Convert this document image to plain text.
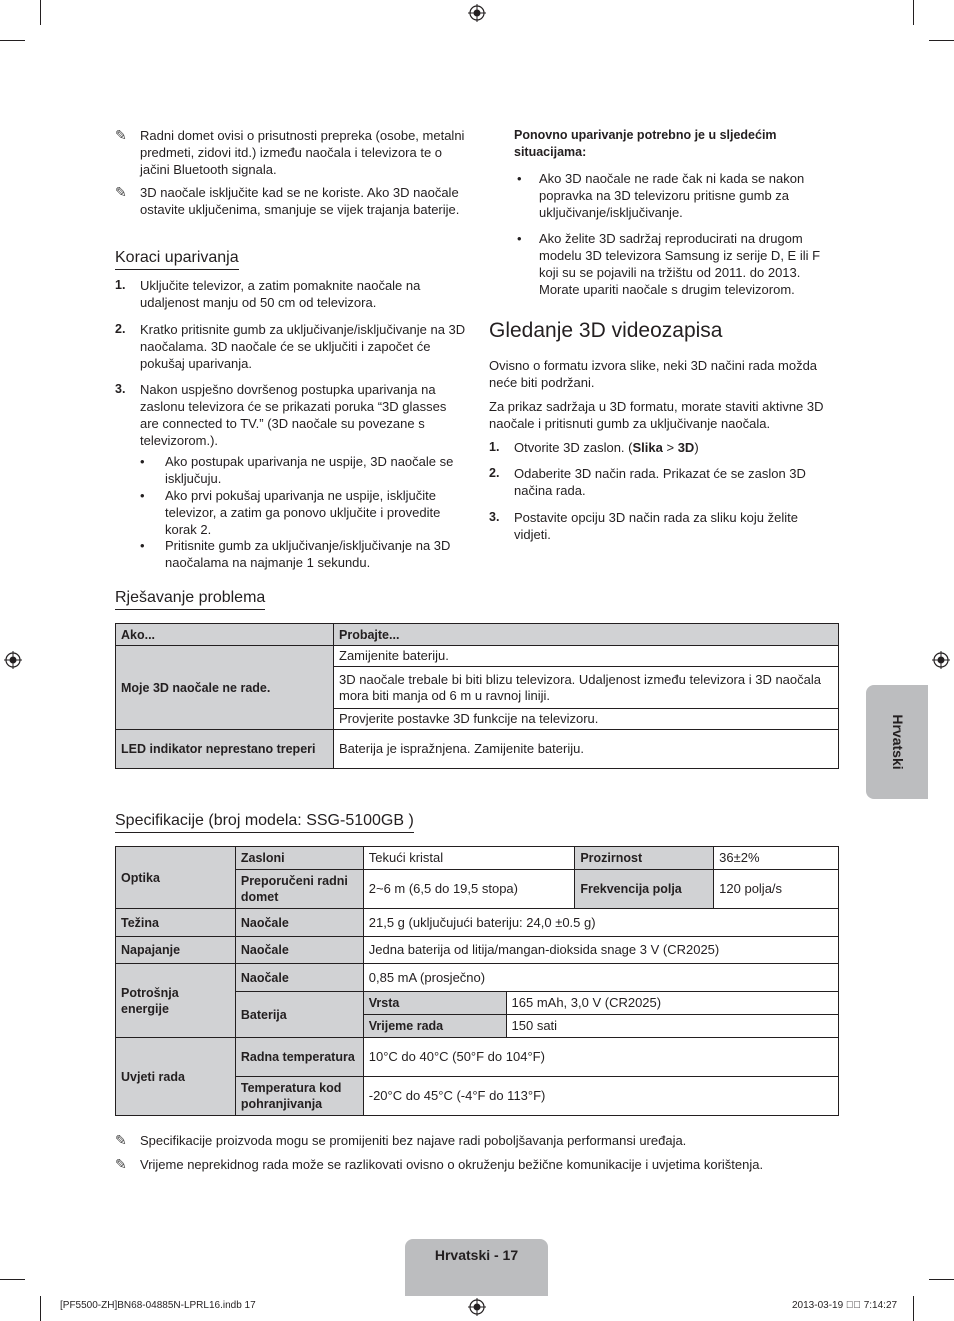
✎ Radni domet ovisi o prisutnosti prepreka (osobe, metalni predmeti, zidovi itd.) između naočala i televizora te o jačini Bluetooth signala.
✎ 3D naočale isključite kad se ne koriste. Ako 3D naočale ostavite uključenima, smanjuje se vijek trajanja baterije.
Koraci uparivanja
1. Uključite televizor, a zatim pomaknite naočale na udaljenost manju od 50 cm od televizora.
2. Kratko pritisnite gumb za uključivanje/isključivanje na 3D naočalama. 3D naočale će se uključiti i započet će pokušaj uparivanja.
3. Nakon uspješno dovršenog postupka uparivanja na zaslonu televizora će se prikazati poruka “3D glasses are connected to TV.” (3D naočale su povezane s televizorom.).
• Ako postupak uparivanja ne uspije, 3D naočale se isključuju.
• Ako prvi pokušaj uparivanja ne uspije, isključite televizor, a zatim ga ponovo uključite i provedite korak 2.
• Pritisnite gumb za uključivanje/isključivanje na 3D naočalama na najmanje 1 sekundu.
Ponovno uparivanje potrebno je u sljedećim situacijama:
• Ako 3D naočale ne rade čak ni kada se nakon popravka na 3D televizoru pritisne gumb za uključivanje/isključivanje.
• Ako želite 3D sadržaj reproducirati na drugom modelu 3D televizora Samsung iz serije D, E ili F koji su se pojavili na tržištu od 2011. do 2013. Morate upariti naočale s drugim televizorom.
Gledanje 3D videozapisa
Ovisno o formatu izvora slike, neki 3D načini rada možda neće biti podržani.
Za prikaz sadržaja u 3D formatu, morate staviti aktivne 3D naočale i pritisnuti gumb za uključivanje naočala.
1. Otvorite 3D zaslon. (Slika > 3D)
2. Odaberite 3D način rada. Prikazat će se zaslon 3D načina rada.
3. Postavite opciju 3D način rada za sliku koju želite vidjeti.
Rješavanje problema
Ako...	Probajte...
Moje 3D naočale ne rade.	Zamijenite bateriju.
	3D naočale trebale bi biti blizu televizora. Udaljenost između televizora i 3D naočala mora biti manja od 6 m u ravnoj liniji.
	Provjerite postavke 3D funkcije na televizoru.
LED indikator neprestano treperi	Baterija je ispražnjena. Zamijenite bateriju.
Specifikacije (broj modela: SSG-5100GB )
Optika	Zasloni	Tekući kristal		Prozirnost	36±2%
	Preporučeni radni domet	2~6 m (6,5 do 19,5 stopa)		Frekvencija polja	120 polja/s
Težina	Naočale	21,5 g (uključujući bateriju: 24,0 ±0.5 g)			
Napajanje	Naočale	Jedna baterija od litija/mangan-dioksida snage 3 V (CR2025)			
Potrošnja energije	Naočale	0,85 mA (prosječno)			
	Baterija	Vrsta	165 mAh, 3,0 V (CR2025)		
		Vrijeme rada	150 sati		
Uvjeti rada	Radna temperatura	10°C do 40°C (50°F do 104°F)			
	Temperatura kod pohranjivanja	-20°C do 45°C (-4°F do 113°F)			
✎ Specifikacije proizvoda mogu se promijeniti bez najave radi poboljšavanja performansi uređaja.
✎ Vrijeme neprekidnog rada može se razlikovati ovisno o okruženju bežične komunikacije i uvjetima korištenja.
Hrvatski
Hrvatski - 17
[PF5500-ZH]BN68-04885N-LPRL16.indb 17	2013-03-19 ￿￿ 7:14:27
